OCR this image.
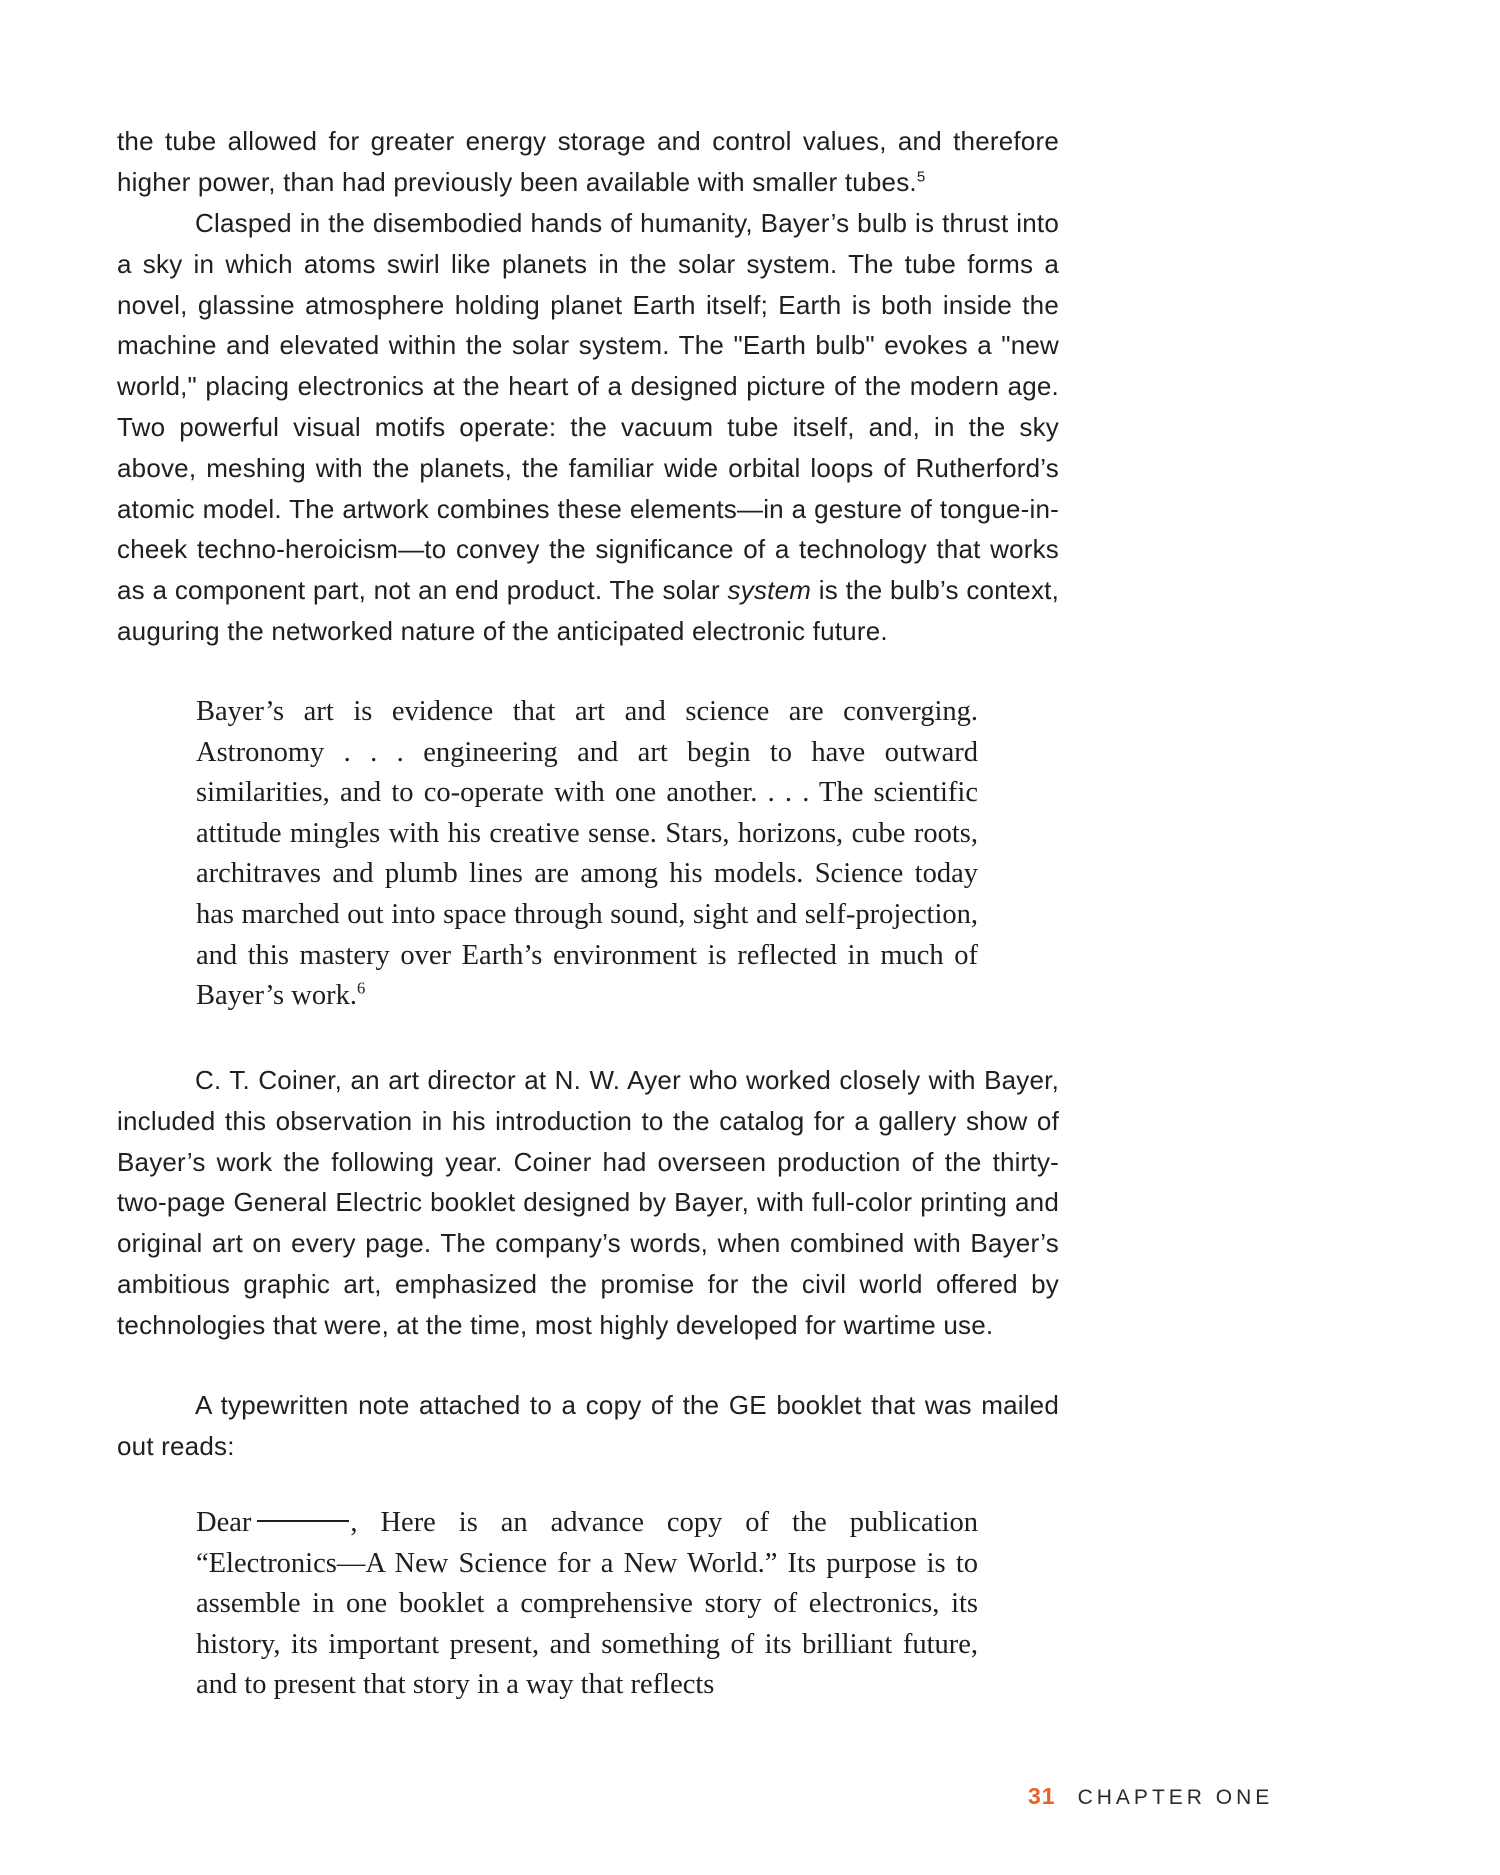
the tube allowed for greater energy storage and control values, and therefore higher power, than had previously been available with smaller tubes.$^5$

Clasped in the disembodied hands of humanity, Bayer’s bulb is thrust into a sky in which atoms swirl like planets in the solar system. The tube forms a novel, glassine atmosphere holding planet Earth itself; Earth is both inside the machine and elevated within the solar system. The "Earth bulb" evokes a "new world," placing electronics at the heart of a designed picture of the modern age. Two powerful visual motifs operate: the vacuum tube itself, and, in the sky above, meshing with the planets, the familiar wide orbital loops of Rutherford’s atomic model. The artwork combines these elements—in a gesture of tongue-in-cheek techno-heroicism—to convey the significance of a technology that works as a component part, not an end product. The solar system is the bulb’s context, auguring the networked nature of the anticipated electronic future.

Bayer’s art is evidence that art and science are converging. Astronomy . . . engineering and art begin to have outward similarities, and to co-operate with one another. . . . The scientific attitude mingles with his creative sense. Stars, horizons, cube roots, architraves and plumb lines are among his models. Science today has marched out into space through sound, sight and self-projection, and this mastery over Earth’s environment is reflected in much of Bayer’s work.$^6$

C. T. Coiner, an art director at N. W. Ayer who worked closely with Bayer, included this observation in his introduction to the catalog for a gallery show of Bayer’s work the following year. Coiner had overseen production of the thirty-two-page General Electric booklet designed by Bayer, with full-color printing and original art on every page. The company’s words, when combined with Bayer’s ambitious graphic art, emphasized the promise for the civil world offered by technologies that were, at the time, most highly developed for wartime use.

A typewritten note attached to a copy of the GE booklet that was mailed out reads:

Dear	, Here is an advance copy of the publication “Electronics—A New Science for a New World.” Its purpose is to assemble in one booklet a comprehensive story of electronics, its history, its important present, and something of its brilliant future, and to present that story in a way that reflects

31 CHAPTER ONE
